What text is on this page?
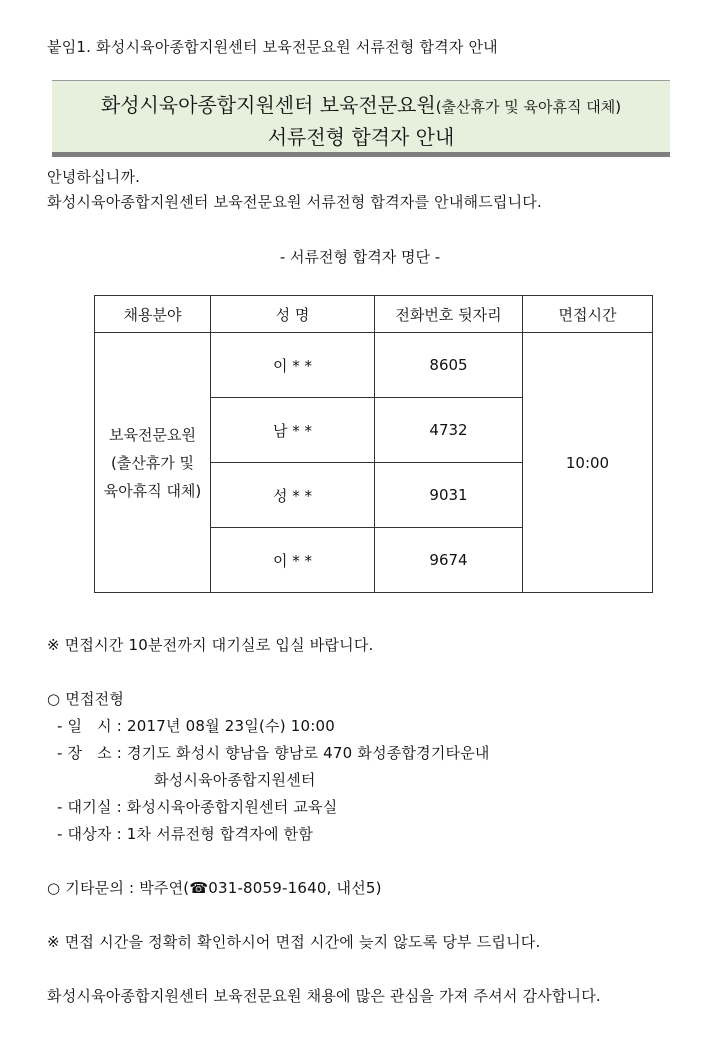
붙임1. 화성시육아종합지원센터 보육전문요원 서류전형 합격자 안내
화성시육아종합지원센터 보육전문요원(출산휴가 및 육아휴직 대체)
서류전형 합격자 안내
안녕하십니까.
화성시육아종합지원센터 보육전문요원 서류전형 합격자를 안내해드립니다.
- 서류전형 합격자 명단 -
채용분야	성 명	전화번호 뒷자리	면접시간

보육전문요원
(출산휴가 및
육아휴직 대체)	이 * *	8605	10:00
	남 * *	4732	
	성 * *	9031	
	이 * *	9674	
※ 면접시간 10분전까지 대기실로 입실 바랍니다.
○ 면접전형
- 일   시 : 2017년 08월 23일(수) 10:00
- 장   소 : 경기도 화성시 향남읍 향남로 470 화성종합경기타운내
화성시육아종합지원센터
- 대기실 : 화성시육아종합지원센터 교육실
- 대상자 : 1차 서류전형 합격자에 한함
○ 기타문의 : 박주연(☎031-8059-1640, 내선5)
※ 면접 시간을 정확히 확인하시어 면접 시간에 늦지 않도록 당부 드립니다.
화성시육아종합지원센터 보육전문요원 채용에 많은 관심을 가져 주셔서 감사합니다.
